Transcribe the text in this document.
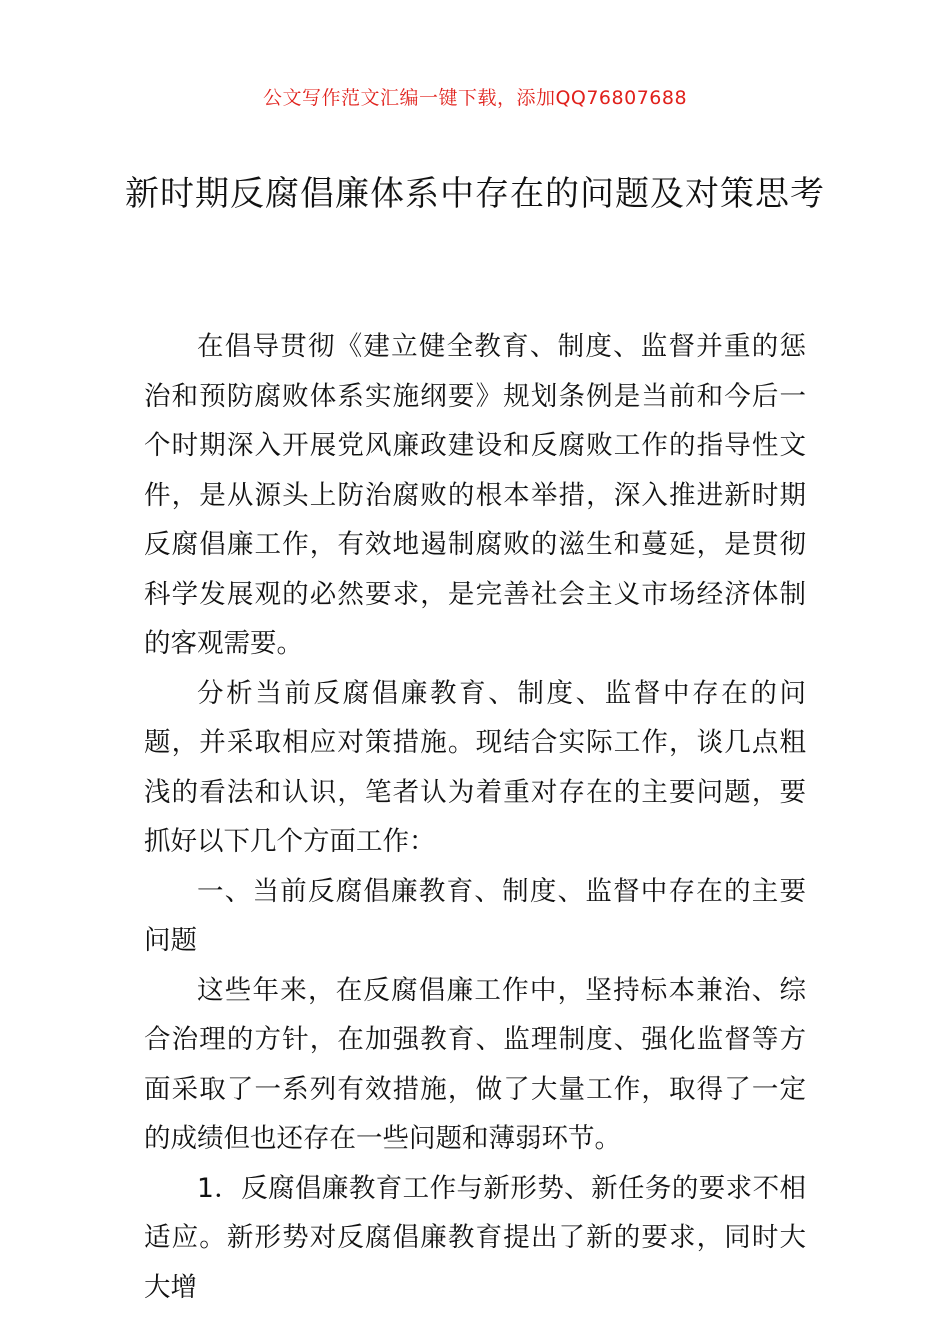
公文写作范文汇编一键下载，添加QQ76807688
新时期反腐倡廉体系中存在的问题及对策思考

在倡导贯彻《建立健全教育、制度、监督并重的惩治和预防腐败体系实施纲要》规划条例是当前和今后一个时期深入开展党风廉政建设和反腐败工作的指导性文件，是从源头上防治腐败的根本举措，深入推进新时期反腐倡廉工作，有效地遏制腐败的滋生和蔓延，是贯彻科学发展观的必然要求，是完善社会主义市场经济体制的客观需要。

分析当前反腐倡廉教育、制度、监督中存在的问题，并采取相应对策措施。现结合实际工作，谈几点粗浅的看法和认识，笔者认为着重对存在的主要问题，要抓好以下几个方面工作：

一、当前反腐倡廉教育、制度、监督中存在的主要问题

这些年来，在反腐倡廉工作中，坚持标本兼治、综合治理的方针，在加强教育、监理制度、强化监督等方面采取了一系列有效措施，做了大量工作，取得了一定的成绩但也还存在一些问题和薄弱环节。

1．反腐倡廉教育工作与新形势、新任务的要求不相适应。新形势对反腐倡廉教育提出了新的要求，同时大大增
